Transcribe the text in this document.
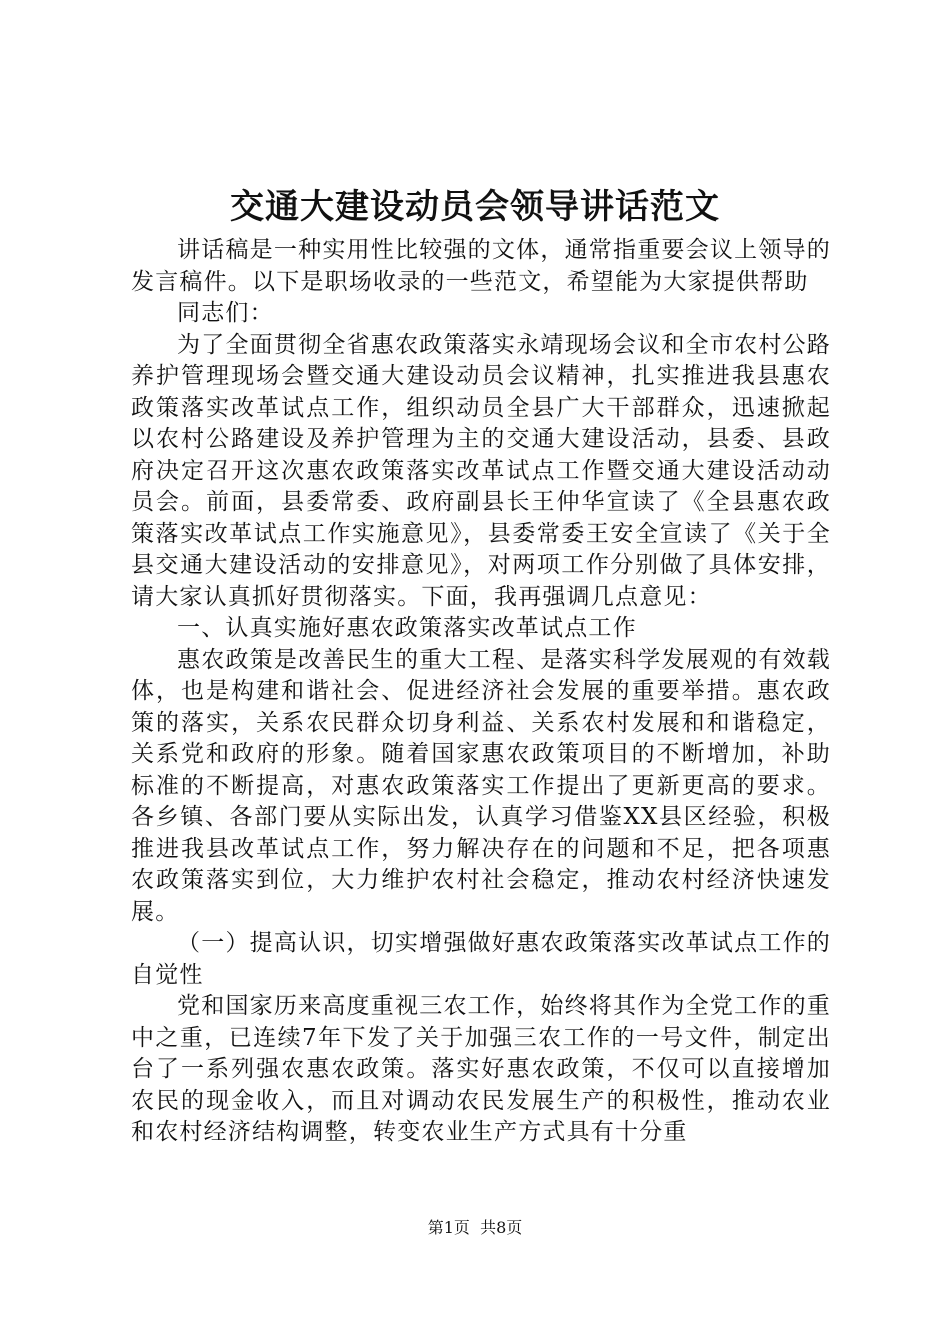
交通大建设动员会领导讲话范文

讲话稿是一种实用性比较强的文体，通常指重要会议上领导的发言稿件。以下是职场收录的一些范文，希望能为大家提供帮助

同志们：

为了全面贯彻全省惠农政策落实永靖现场会议和全市农村公路养护管理现场会暨交通大建设动员会议精神，扎实推进我县惠农政策落实改革试点工作，组织动员全县广大干部群众，迅速掀起以农村公路建设及养护管理为主的交通大建设活动，县委、县政府决定召开这次惠农政策落实改革试点工作暨交通大建设活动动员会。前面，县委常委、政府副县长王仲华宣读了《全县惠农政策落实改革试点工作实施意见》，县委常委王安全宣读了《关于全县交通大建设活动的安排意见》，对两项工作分别做了具体安排，请大家认真抓好贯彻落实。下面，我再强调几点意见：

一、认真实施好惠农政策落实改革试点工作

惠农政策是改善民生的重大工程、是落实科学发展观的有效载体，也是构建和谐社会、促进经济社会发展的重要举措。惠农政策的落实，关系农民群众切身利益、关系农村发展和和谐稳定，关系党和政府的形象。随着国家惠农政策项目的不断增加，补助标准的不断提高，对惠农政策落实工作提出了更新更高的要求。各乡镇、各部门要从实际出发，认真学习借鉴XX县区经验，积极推进我县改革试点工作，努力解决存在的问题和不足，把各项惠农政策落实到位，大力维护农村社会稳定，推动农村经济快速发展。

（一）提高认识，切实增强做好惠农政策落实改革试点工作的自觉性

党和国家历来高度重视三农工作，始终将其作为全党工作的重中之重，已连续7年下发了关于加强三农工作的一号文件，制定出台了一系列强农惠农政策。落实好惠农政策，不仅可以直接增加农民的现金收入，而且对调动农民发展生产的积极性，推动农业和农村经济结构调整，转变农业生产方式具有十分重

第1页 共8页
